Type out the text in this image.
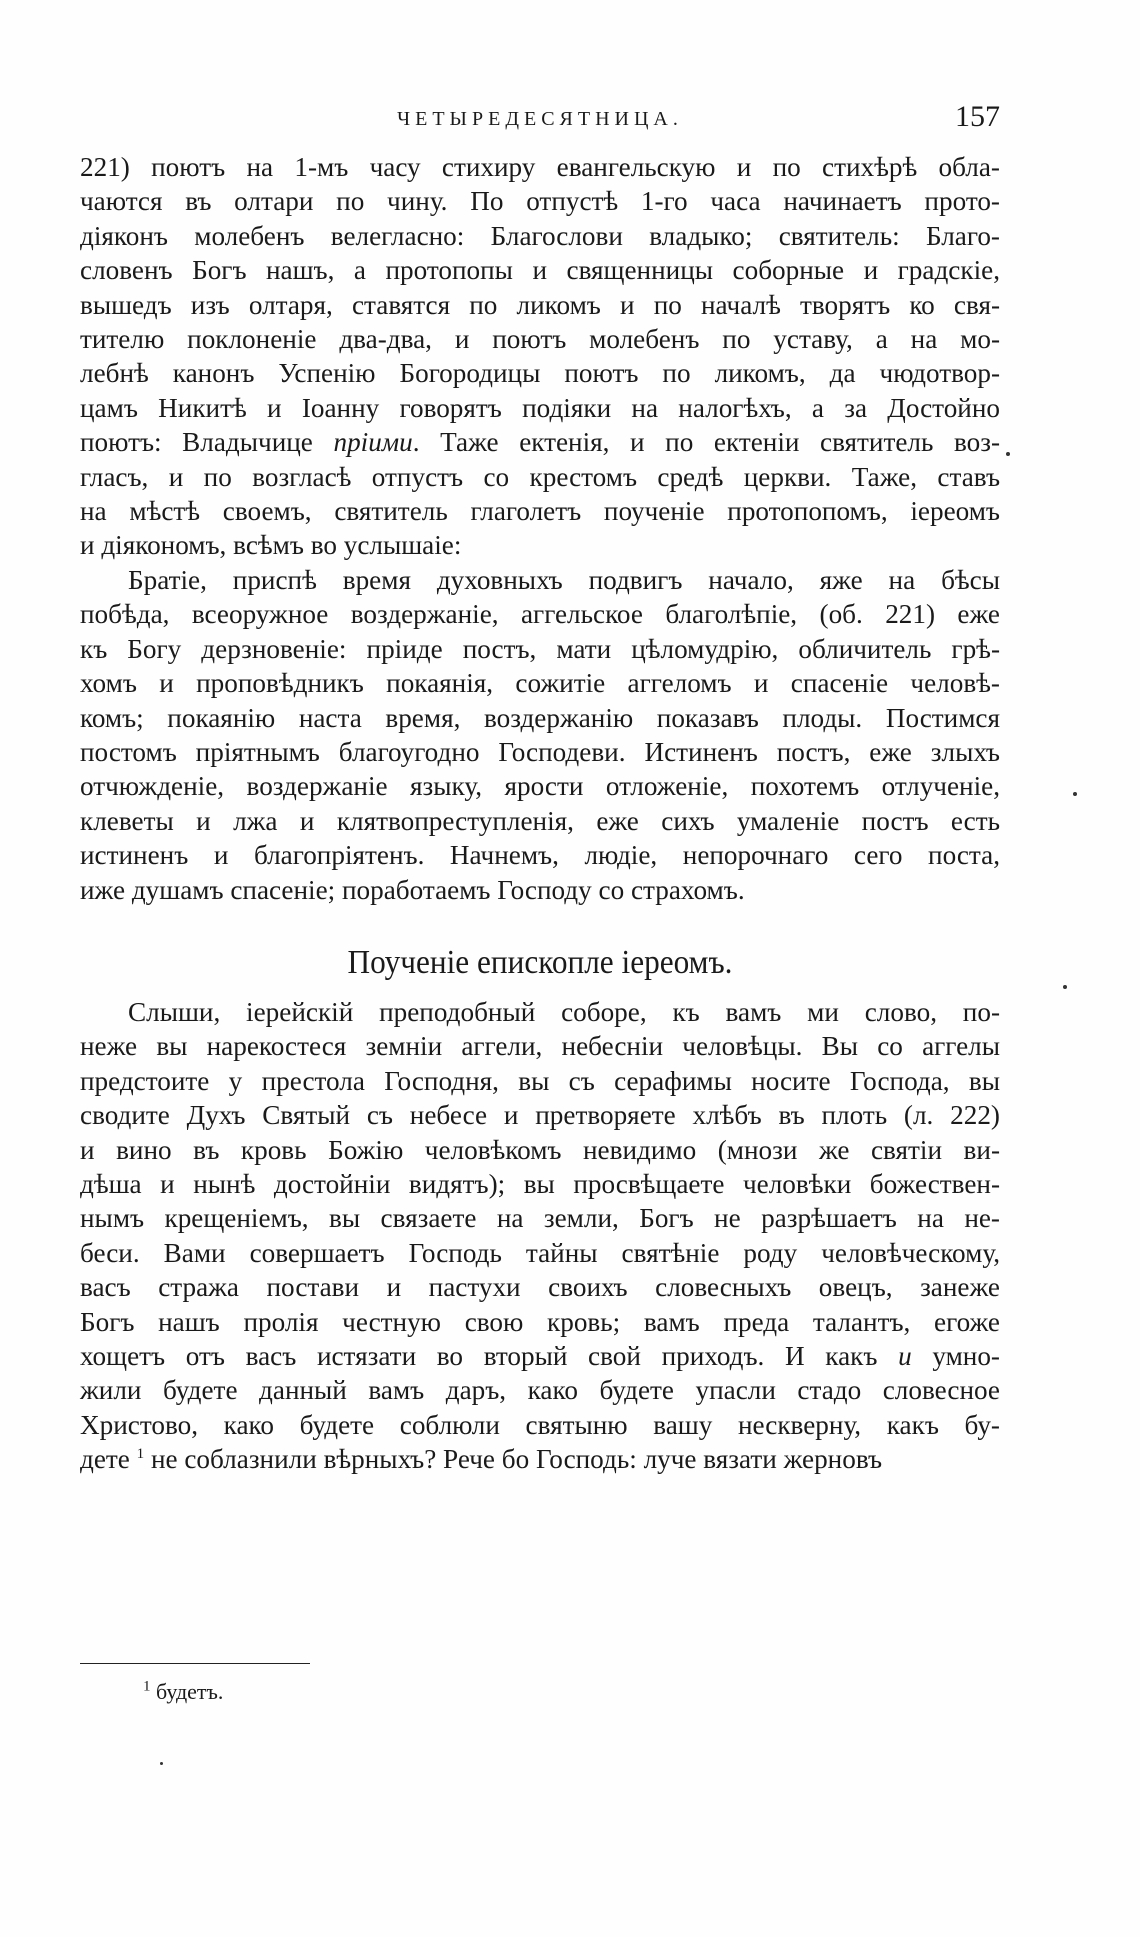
ЧЕТЫРЕДЕСЯТНИЦА.	157

221) поютъ на 1-мъ часу стихиру евангельскую и по стихѣрѣ обла-
чаются въ олтари по чину. По отпустѣ 1-го часа начинаетъ прото-
діяконъ молебенъ велегласно: Благослови владыко; святитель: Благо-
словенъ Богъ нашъ, а протопопы и священницы соборные и градскіе,
вышедъ изъ олтаря, ставятся по ликомъ и по началѣ творятъ ко свя-
тителю поклоненіе два-два, и поютъ молебенъ по уставу, а на мо-
лебнѣ канонъ Успенію Богородицы поютъ по ликомъ, да чюдотвор-
цамъ Никитѣ и Іоанну говорятъ подіяки на налогѣхъ, а за Достойно
поютъ: Владычице пріими. Таже ектенія, и по ектеніи святитель воз-
гласъ, и по возгласѣ отпустъ со крестомъ средѣ церкви. Таже, ставъ
на мѣстѣ своемъ, святитель глаголетъ поученіе протопопомъ, іереомъ
и діякономъ, всѣмъ во услышаіе:

Братіе, приспѣ время духовныхъ подвигъ начало, яже на бѣсы
побѣда, всеоружное воздержаніе, аггельское благолѣпіе, (об. 221) еже
къ Богу дерзновеніе: пріиде постъ, мати цѣломудрію, обличитель грѣ-
хомъ и проповѣдникъ покаянія, сожитіе аггеломъ и спасеніе человѣ-
комъ; покаянію наста время, воздержанію показавъ плоды. Постимся
постомъ пріятнымъ благоугодно Господеви. Истиненъ постъ, еже злыхъ
отчюжденіе, воздержаніе языку, ярости отложеніе, похотемъ отлученіе,
клеветы и лжа и клятвопреступленія, еже сихъ умаленіе постъ есть
истиненъ и благопріятенъ. Начнемъ, людіе, непорочнаго сего поста,
иже душамъ спасеніе; поработаемъ Господу со страхомъ.

Поученіе епископле іереомъ.

Слыши, іерейскій преподобный соборе, къ вамъ ми слово, по-
неже вы нарекостеся земніи аггели, небесніи человѣцы. Вы со аггелы
предстоите у престола Господня, вы съ серафимы носите Господа, вы
сводите Духъ Святый съ небесе и претворяете хлѣбъ въ плоть (л. 222)
и вино въ кровь Божію человѣкомъ невидимо (мнози же святіи ви-
дѣша и нынѣ достойніи видятъ); вы просвѣщаете человѣки божествен-
нымъ крещеніемъ, вы связаете на земли, Богъ не разрѣшаетъ на не-
беси. Вами совершаетъ Господь тайны святѣніе роду человѣческому,
васъ стража постави и пастухи своихъ словесныхъ овецъ, занеже
Богъ нашъ пролія честную свою кровь; вамъ преда талантъ, егоже
хощетъ отъ васъ истязати во вторый свой приходъ. И какъ и умно-
жили будете данный вамъ даръ, како будете упасли стадо словесное
Христово, како будете соблюли святыню вашу нескверну, какъ бу-
дете $^1$ не соблазнили вѣрныхъ? Рече бо Господь: луче вязати жерновъ

$^1$ будетъ.
